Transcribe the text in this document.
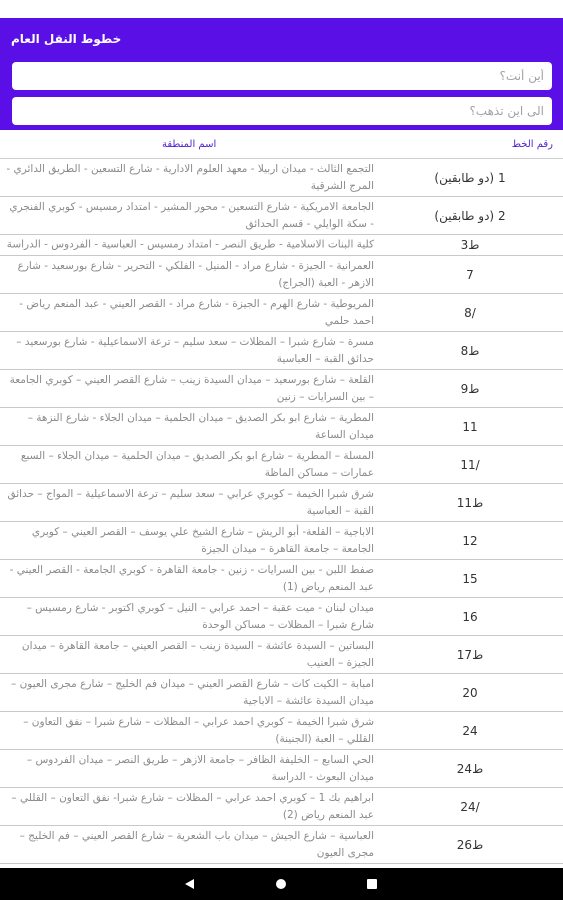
خطوط النقل العام
أين أنت؟
الى اين تذهب؟
رقم الخط
اسم المنطقة
التجمع الثالث - ميدان اربيلا - معهد العلوم الادارية - شارع التسعين - الطريق الدائري - المرج الشرقية
1 (دو طابقين)
الجامعة الامريكية - شارع التسعين - محور المشير - امتداد رمسيس - كوبري الفنجري - سكة الوايلي - قسم الحدائق
2 (دو طابقين)
كلية البنات الاسلامية - طريق النصر - امتداد رمسيس - العباسية - الفردوس - الدراسة	ط3
العمرانية - الجيزة - شارع مراد - المنيل - الفلكي - التحرير - شارع بورسعيد - شارع الازهر - العبة (الجراج)
7
المريوطية - شارع الهرم - الجيزة - شارع مراد - القصر العيني - عبد المنعم رياض - احمد حلمي
/8
مسرة – شارع شبرا – المظلات – سعد سليم – ترعة الاسماعيلية - شارع بورسعيد – حدائق القبة – العباسية
ط8
القلعة – شارع بورسعيد – ميدان السيدة زينب – شارع القصر العيني – كوبري الجامعة – بين السرايات – زنين
ط9
المطرية – شارع ابو بكر الصديق – ميدان الحلمية – ميدان الجلاء - شارع النزهة – ميدان الساعة
11
المسلة – المطرية – شارع ابو بكر الصديق – ميدان الحلمية – ميدان الجلاء – السبع عمارات – مساكن الماظة
/11
شرق شبرا الخيمة – كوبري عرابي – سعد سليم – ترعة الاسماعيلية – المواج – حدائق القبة – العباسية
ط11
الاباجية – القلعة- أبو الريش – شارع الشيخ علي يوسف – القصر العيني – كوبري الجامعة – جامعة القاهرة – ميدان الجيزة
12
صفط اللبن - بين السرايات - زنين - جامعة القاهرة - كوبري الجامعة - القصر العيني - عبد المنعم رياض (1)
15
ميدان لبنان - ميت عقبة – احمد عرابي – النيل – كوبري اكتوبر - شارع رمسيس – شارع شبرا – المظلات – مساكن الوحدة
16
البساتين – السيدة عائشة – السيدة زينب – القصر العيني – جامعة القاهرة – ميدان الجيزة – العنيب
ط17
امبابة – الكيت كات – شارع القصر العيني – ميدان فم الخليج – شارع مجرى العيون – ميدان السيدة عائشة – الاباجية
20
شرق شبرا الخيمة – كوبري احمد عرابي – المظلات – شارع شبرا – نفق التعاون – القللي – العبة (الجنينة)
24
الحي السابع – الخليفة الظافر – جامعة الازهر – طريق النصر – ميدان الفردوس – ميدان البعوث - الدراسة
ط24
ابراهيم بك 1 – كوبري احمد عرابي – المظلات – شارع شبرا- نفق التعاون – القللي – عبد المنعم رياض (2)
/24
العباسية – شارع الجيش – ميدان باب الشعرية – شارع القصر العيني – فم الخليج – مجرى العيون
ط26
